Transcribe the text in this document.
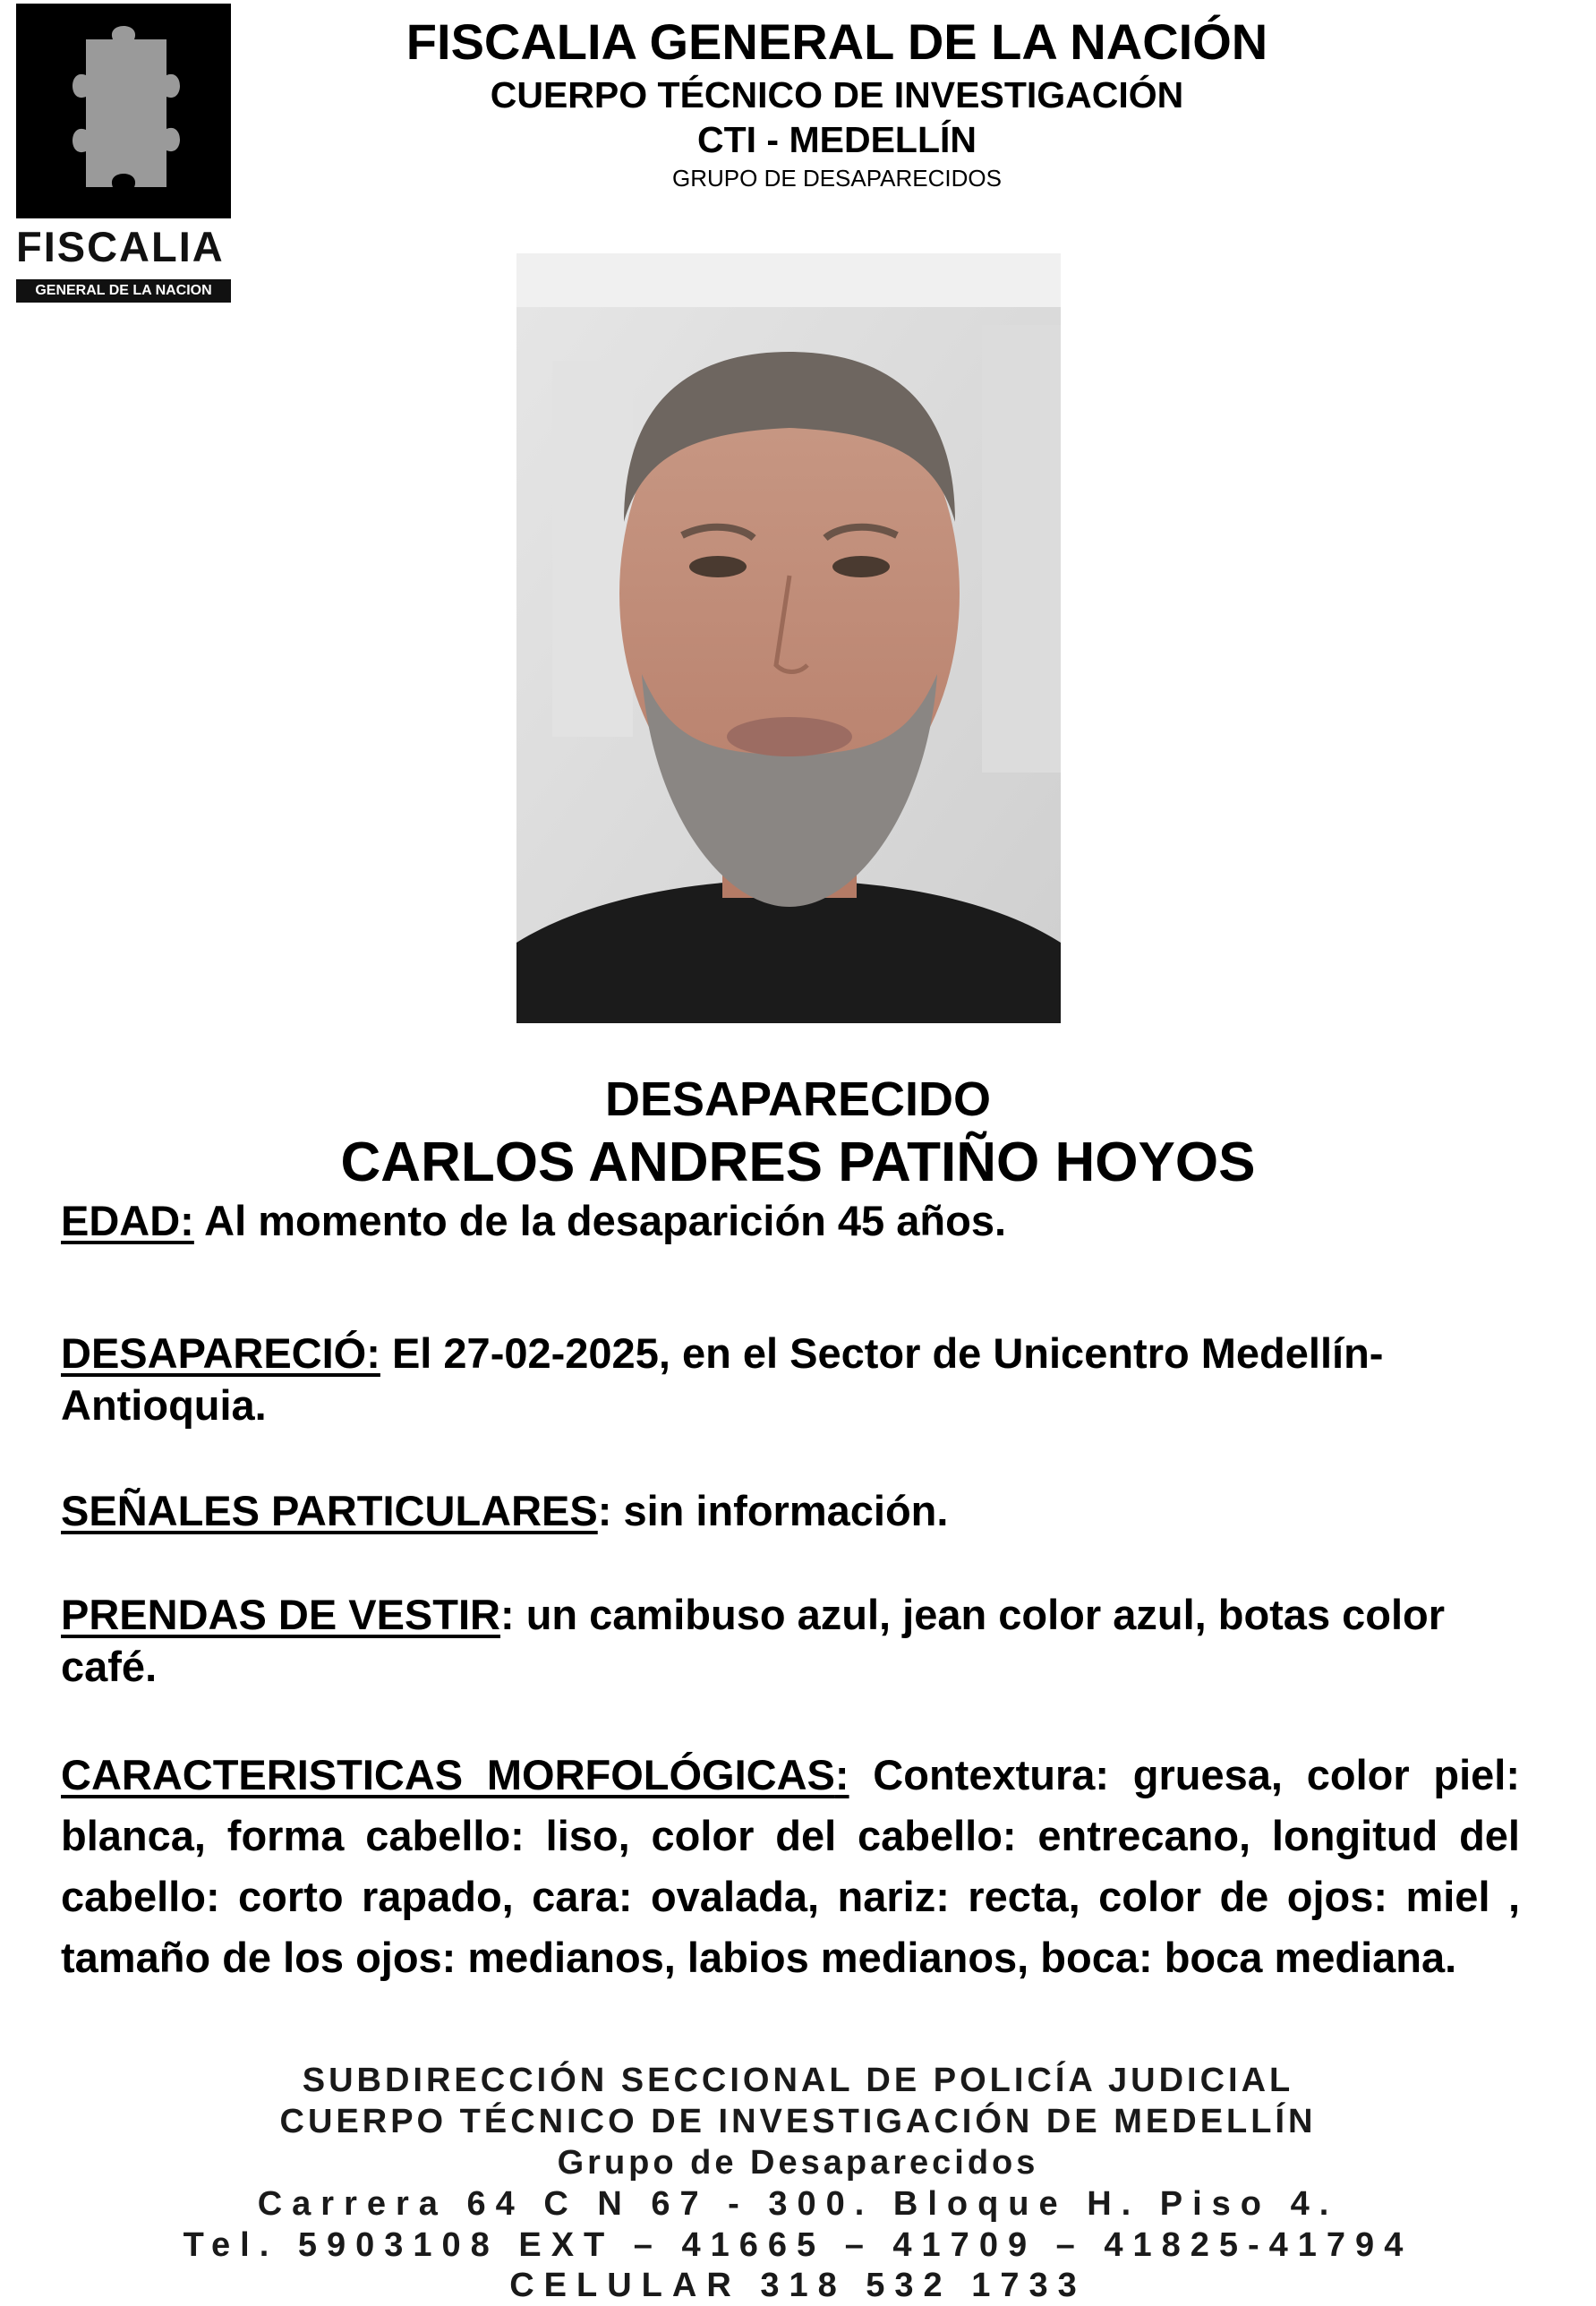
FISCALIA
GENERAL DE LA NACION
FISCALIA GENERAL DE LA NACIÓN
CUERPO TÉCNICO DE INVESTIGACIÓN
CTI - MEDELLÍN
GRUPO DE DESAPARECIDOS
DESAPARECIDO
CARLOS ANDRES PATIÑO HOYOS
EDAD: Al momento de la desaparición 45 años.
DESAPARECIÓ: El 27-02-2025, en el Sector de Unicentro Medellín-Antioquia.
SEÑALES PARTICULARES: sin información.
PRENDAS DE VESTIR: un camibuso azul, jean color azul, botas color café.
CARACTERISTICAS MORFOLÓGICAS: Contextura: gruesa, color piel: blanca, forma cabello: liso, color del cabello: entrecano, longitud del cabello: corto rapado, cara: ovalada, nariz: recta, color de ojos: miel , tamaño de los ojos: medianos, labios medianos, boca: boca mediana.
SUBDIRECCIÓN SECCIONAL DE POLICÍA JUDICIAL
CUERPO TÉCNICO DE INVESTIGACIÓN DE MEDELLÍN
Grupo de Desaparecidos
Carrera 64 C N 67 - 300. Bloque H. Piso 4.
Tel. 5903108 EXT – 41665 – 41709 – 41825-41794
CELULAR 318 532 1733
